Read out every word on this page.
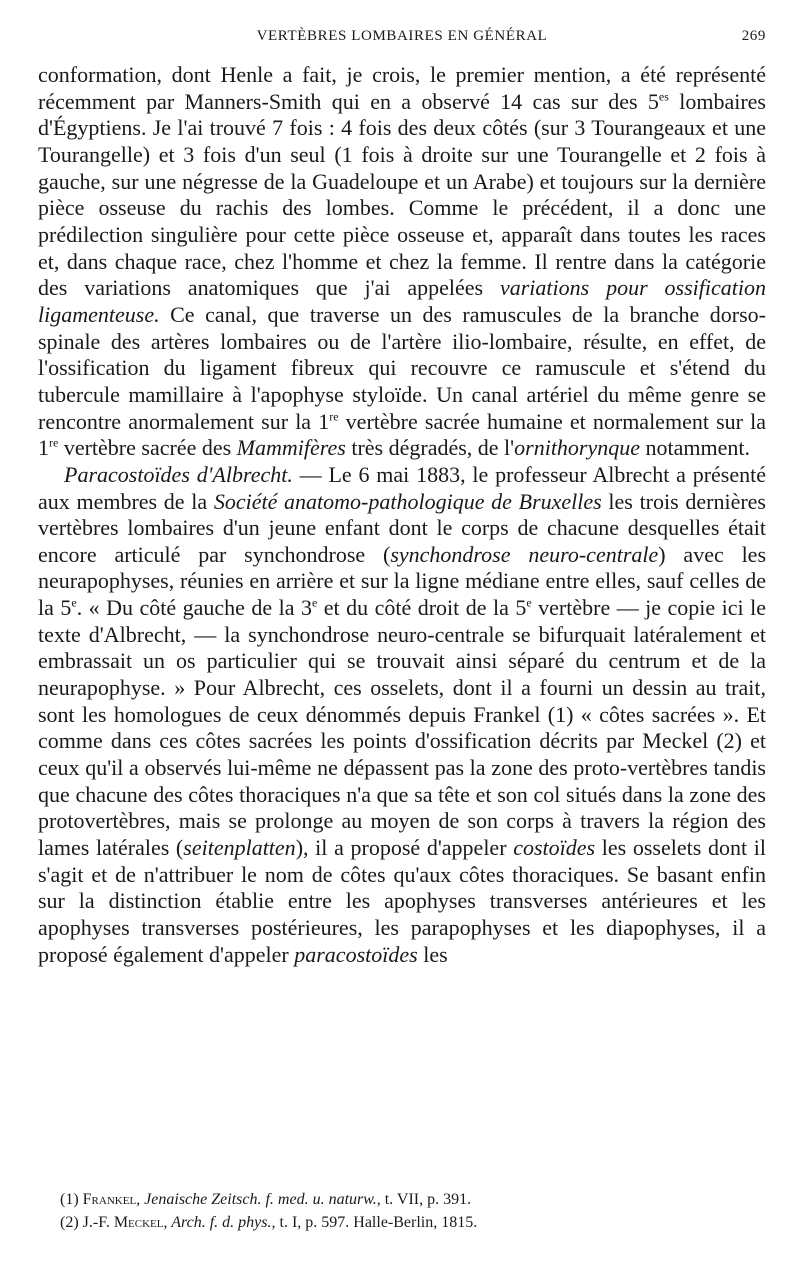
VERTÈBRES LOMBAIRES EN GÉNÉRAL	269

conformation, dont Henle a fait, je crois, le premier mention, a été représenté récemment par Manners-Smith qui en a observé 14 cas sur des $5^{es}$ lombaires d'Égyptiens. Je l'ai trouvé 7 fois : 4 fois des deux côtés (sur 3 Tourangeaux et une Tourangelle) et 3 fois d'un seul (1 fois à droite sur une Tourangelle et 2 fois à gauche, sur une négresse de la Guadeloupe et un Arabe) et toujours sur la dernière pièce osseuse du rachis des lombes. Comme le précédent, il a donc une prédilection singulière pour cette pièce osseuse et, apparaît dans toutes les races et, dans chaque race, chez l'homme et chez la femme. Il rentre dans la catégorie des variations anatomiques que j'ai appelées variations pour ossification ligamenteuse. Ce canal, que traverse un des ramuscules de la branche dorso-spinale des artères lombaires ou de l'artère ilio-lombaire, résulte, en effet, de l'ossification du ligament fibreux qui recouvre ce ramuscule et s'étend du tubercule mamillaire à l'apophyse styloïde. Un canal artériel du même genre se rencontre anormalement sur la 1re vertèbre sacrée humaine et normalement sur la 1re vertèbre sacrée des Mammifères très dégradés, de l'ornithorynque notamment.

Paracostoïdes d'Albrecht. — Le 6 mai 1883, le professeur Albrecht a présenté aux membres de la Société anatomo-pathologique de Bruxelles les trois dernières vertèbres lombaires d'un jeune enfant dont le corps de chacune desquelles était encore articulé par synchondrose (synchondrose neuro-centrale) avec les neurapophyses, réunies en arrière et sur la ligne médiane entre elles, sauf celles de la 5e. « Du côté gauche de la 3e et du côté droit de la 5e vertèbre — je copie ici le texte d'Albrecht, — la synchondrose neuro-centrale se bifurquait latéralement et embrassait un os particulier qui se trouvait ainsi séparé du centrum et de la neurapophyse. » Pour Albrecht, ces osselets, dont il a fourni un dessin au trait, sont les homologues de ceux dénommés depuis Frankel (1) « côtes sacrées ». Et comme dans ces côtes sacrées les points d'ossification décrits par Meckel (2) et ceux qu'il a observés lui-même ne dépassent pas la zone des proto-vertèbres tandis que chacune des côtes thoraciques n'a que sa tête et son col situés dans la zone des protovertèbres, mais se prolonge au moyen de son corps à travers la région des lames latérales (seitenplatten), il a proposé d'appeler costoïdes les osselets dont il s'agit et de n'attribuer le nom de côtes qu'aux côtes thoraciques. Se basant enfin sur la distinction établie entre les apophyses transverses antérieures et les apophyses transverses postérieures, les parapophyses et les diapophyses, il a proposé également d'appeler paracostoïdes les

(1) Frankel, Jenaische Zeitsch. f. med. u. naturw., t. VII, p. 391.
(2) J.-F. Meckel, Arch. f. d. phys., t. I, p. 597. Halle-Berlin, 1815.
